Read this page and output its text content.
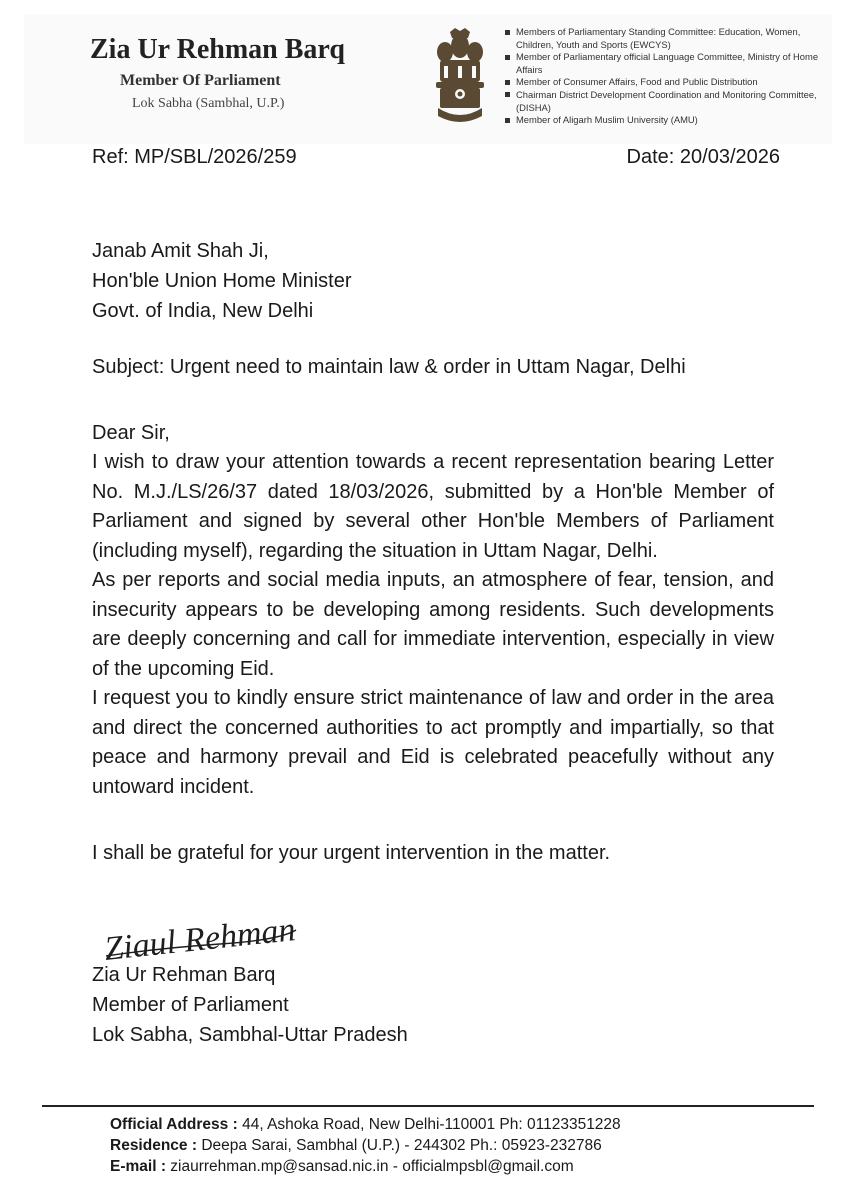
Zia Ur Rehman Barq
Member Of Parliament
Lok Sabha (Sambhal, U.P.)
Members of Parliamentary Standing Committee: Education, Women, Children, Youth and Sports (EWCYS)
Member of Parliamentary official Language Committee, Ministry of Home Affairs
Member of Consumer Affairs, Food and Public Distribution
Chairman District Development Coordination and Monitoring Committee, (DISHA)
Member of Aligarh Muslim University (AMU)
Ref: MP/SBL/2026/259	Date: 20/03/2026
Janab Amit Shah Ji,
Hon'ble Union Home Minister
Govt. of India, New Delhi
Subject: Urgent need to maintain law & order in Uttam Nagar, Delhi
Dear Sir,

I wish to draw your attention towards a recent representation bearing Letter No. M.J./LS/26/37 dated 18/03/2026, submitted by a Hon'ble Member of Parliament and signed by several other Hon'ble Members of Parliament (including myself), regarding the situation in Uttam Nagar, Delhi.

As per reports and social media inputs, an atmosphere of fear, tension, and insecurity appears to be developing among residents. Such developments are deeply concerning and call for immediate intervention, especially in view of the upcoming Eid.

I request you to kindly ensure strict maintenance of law and order in the area and direct the concerned authorities to act promptly and impartially, so that peace and harmony prevail and Eid is celebrated peacefully without any untoward incident.

I shall be grateful for your urgent intervention in the matter.
Ziaul Rehman
Zia Ur Rehman Barq
Member of Parliament
Lok Sabha, Sambhal-Uttar Pradesh
Official Address : 44, Ashoka Road, New Delhi-110001 Ph: 01123351228
Residence : Deepa Sarai, Sambhal (U.P.) - 244302 Ph.: 05923-232786
E-mail : ziaurrehman.mp@sansad.nic.in - officialmpsbl@gmail.com
